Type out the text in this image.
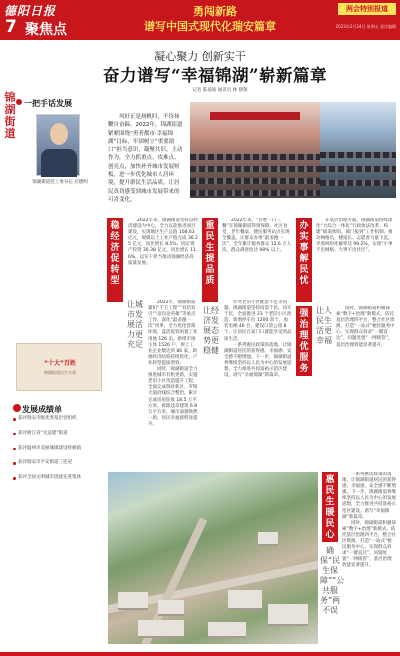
德阳日报
7 聚焦点
勇闯新路
谱写中国式现代化瑞安篇章
两会特别报道
2023年2月24日 星期五 责任编辑
凝心聚力 创新实干
奋力谱写“幸福锦湖”崭新篇章
记者 陈迪迪 通讯员 林 晓敬
锦湖街道
一把手话发展
锦湖街道党工委书记 应德明
风好正是扬帆时，不待扬鞭自奋蹄。2022年，锦湖街道紧紧围绕“勇者都市·幸福锦湖”目标，牢固树立“重要窗口”担当意识，凝聚共识、主动作为，全力抓重点、攻难点、创亮点，加快补齐城市发展短板，进一步优化城市人居环境，提升群民生活品质，让居民真切感受到城市发展带来的可喜变化。
稳经济促转型
让城市发展活力更充足

2022年来，锦湖街道坚持以经济建设为中心，全力以赴推进项目建设，实现地区生产总值 108.63 亿元，规模以上工业产值完成 36.25 亿元，同比增长 8.5%，固定资产投资 30.38 亿元，同比增长 11.6%，以实干担当推动锦湖经济高质量发展。

2022年，锦湖街道紧扣“千万工程”“双招双引”“亩均论英雄”等重点工作，深化“最多跑一次”改革，全力优化营商环境，盘活低效闲置工业用地 126 亩，新增市场主体 1526 户，规上工业企业数达到 86 家，助推经济结构持续优化，产业转型提质增效。

同时，锦湖街道全力推进城市有机更新，实施老旧小区改造提升工程，全面完成瑞祥新区、罗阳大道沿线综合整治，累计完成房屋征收 18.5 万平方米，拆除违章建筑 6.8 万平方米，城市面貌焕然一新，居民幸福感明显提升。

重民生提品质
让经济发展态势更稳健

2022年来，“百姓一日三餐”在锦湖街道得到保障。社区食堂、老年餐桌、便民服务站点实现全覆盖，让群众办事“最多跑一次”，全年累计服务群众 12.6 万人次，群众满意度达 98% 以上。

针对老旧小区配套不足等问题，锦湖街道坚持问需于民、问计于民，全面推进 23 个老旧小区改造，新增停车位 1200 余个，加装电梯 46 台，建设口袋公园 8 个，让居民在家门口就能享受到品质生活。

一系列惠民政策的落地，让锦湖街道居民的获得感、幸福感、安全感不断增强。下一步，锦湖街道将继续坚持以人民为中心的发展思想，全力推进共同富裕示范区建设，谱写“幸福锦湖”新篇章。

办实事解民忧

在基层治理方面，锦湖街道持续深化“大综合一体化”行政执法改革，构建“街道吹哨、部门报到”工作机制，推动网格员、楼道长、志愿者力量下沉，矛盾纠纷化解率达 99.2%，实现“小事不出网格、大事不出社区”。

强治理优服务
让人民生活更幸福

同时，锦湖街道积极探索“数字+治理”新模式，依托基层治理四平台，整合社区资源，打造“一站式”便民服务中心，实现群众诉求“一键直达”、问题处置“一网统管”，基层治理效能显著提升。

惠民生暖民心
确保“民生保障”“公共服务”两不误

一系列惠民政策的落地，让锦湖街道居民的获得感、幸福感、安全感不断增强。下一步，锦湖街道将继续坚持以人民为中心的发展思想，全力推进共同富裕示范区建设，谱写“幸福锦湖”新篇章。

同时，锦湖街道积极探索“数字+治理”新模式，依托基层治理四平台，整合社区资源，打造“一站式”便民服务中心，实现群众诉求“一键直达”、问题处置“一网统管”，基层治理效能显著提升。

“十大”百姓
锦湖街道民生实事
发展成绩单
获评瑞安市级优秀基层党组织
获评浙江省“无违建”街道
获评温州市美丽城镇建设样板镇
获评瑞安市平安街道三连冠
获评全国文明城市创建先进集体
